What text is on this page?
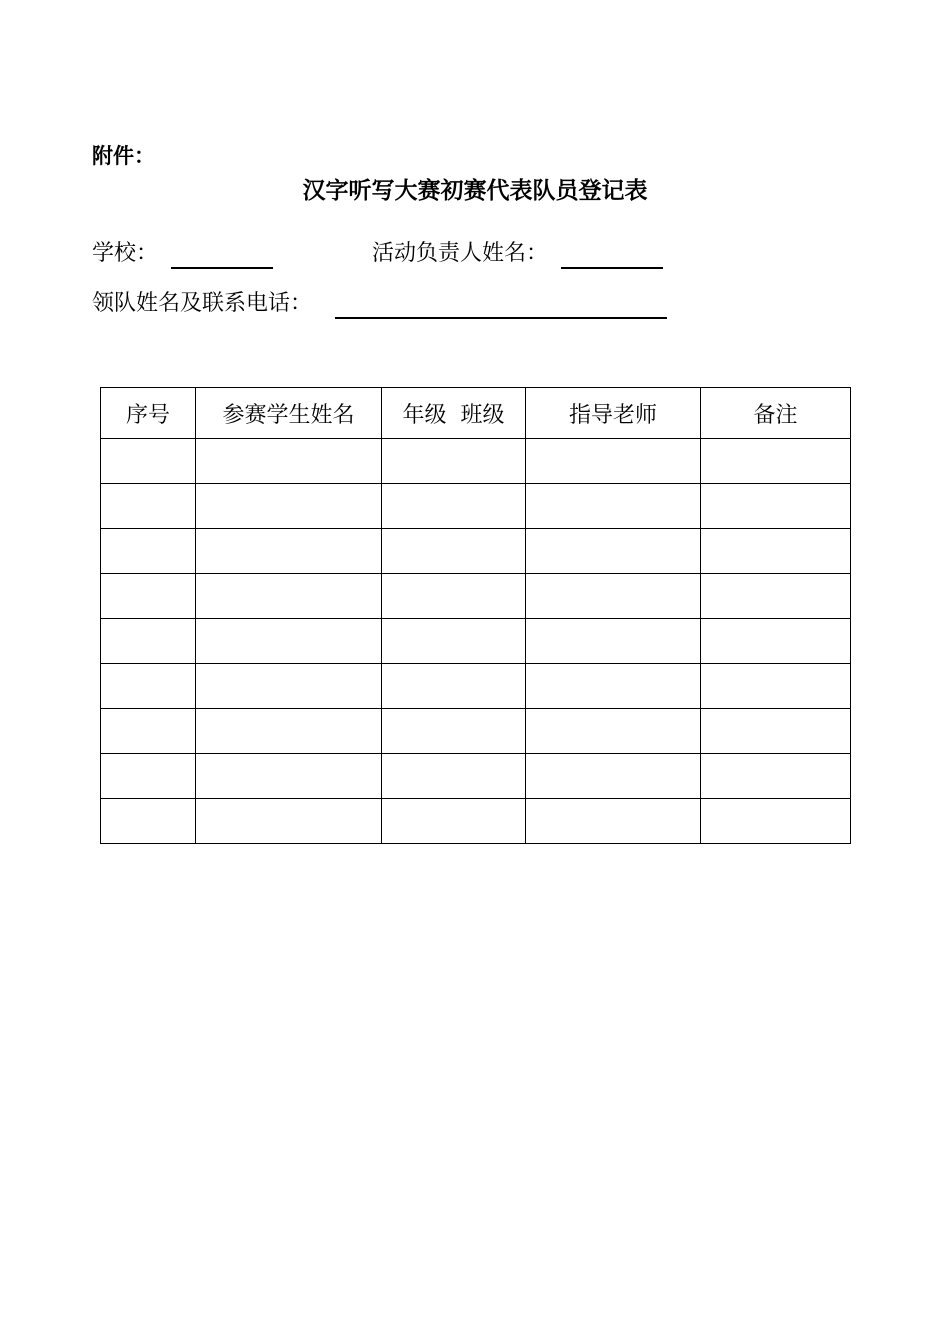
附件：
汉字听写大赛初赛代表队员登记表
学校：	活动负责人姓名：
领队姓名及联系电话：
序号	参赛学生姓名	年级  班级	指导老师	备注
